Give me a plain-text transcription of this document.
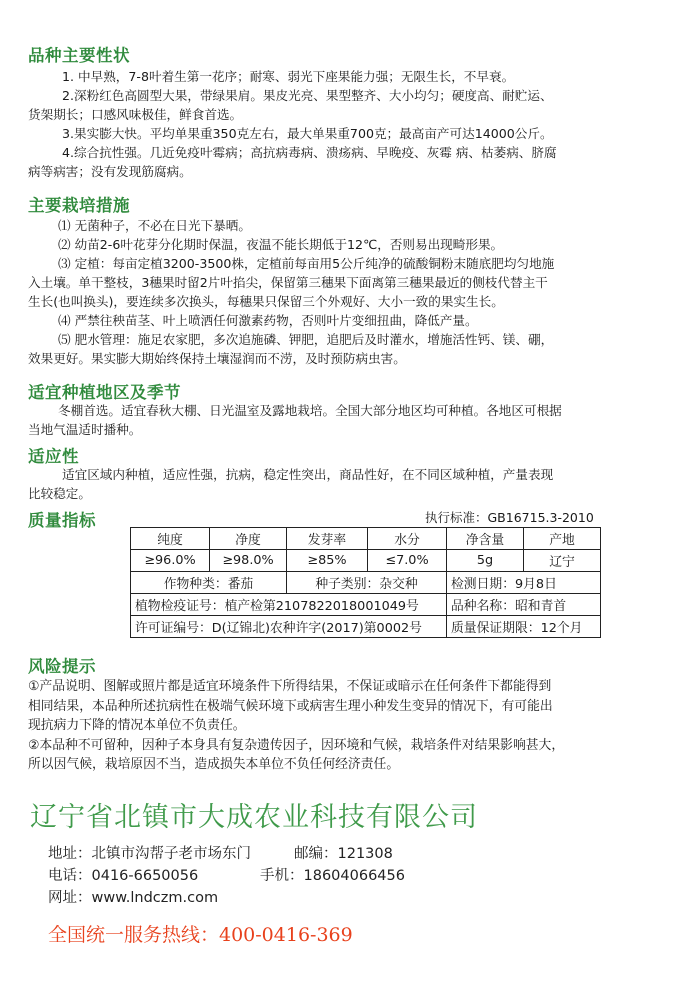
品种主要性状
1. 中早熟，7-8叶着生第一花序；耐寒、弱光下座果能力强；无限生长，不早衰。
2.深粉红色高圆型大果，带绿果肩。果皮光亮、果型整齐、大小均匀；硬度高、耐贮运、
货架期长；口感风味极佳，鲜食首选。
3.果实膨大快。平均单果重350克左右，最大单果重700克；最高亩产可达14000公斤。
4.综合抗性强。几近免疫叶霉病；高抗病毒病、溃疡病、早晚疫、灰霉 病、枯萎病、脐腐
病等病害；没有发现筋腐病。
主要栽培措施
⑴ 无菌种子，不必在日光下暴晒。
⑵ 幼苗2-6叶花芽分化期时保温，夜温不能长期低于12℃，否则易出现畸形果。
⑶ 定植：每亩定植3200-3500株，定植前每亩用5公斤纯净的硫酸铜粉末随底肥均匀地施
入土壤。单干整枝，3穗果时留2片叶掐尖，保留第三穗果下面离第三穗果最近的侧枝代替主干
生长(也叫换头)，要连续多次换头，每穗果只保留三个外观好、大小一致的果实生长。
⑷ 严禁往秧苗茎、叶上喷洒任何激素药物，否则叶片变细扭曲，降低产量。
⑸ 肥水管理：施足农家肥，多次追施磷、钾肥，追肥后及时灌水，增施活性钙、镁、硼，
效果更好。果实膨大期始终保持土壤湿润而不涝，及时预防病虫害。
适宜种植地区及季节
冬棚首选。适宜春秋大棚、日光温室及露地栽培。全国大部分地区均可种植。各地区可根据
当地气温适时播种。
适应性
适宜区域内种植，适应性强，抗病，稳定性突出，商品性好，在不同区域种植，产量表现
比较稳定。
质量指标	执行标准：GB16715.3-2010
纯度	净度	发芽率	水分	净含量	产地
≥96.0%	≥98.0%	≥85%	≤7.0%	5g	辽宁
作物种类：番茄		种子类别：杂交种		检测日期：9月8日	
植物检疫证号：植产检第2107822018001049号				品种名称：昭和青首	
许可证编号：D(辽锦北)农种许字(2017)第0002号				质量保证期限：12个月	
风险提示
①产品说明、图解或照片都是适宜环境条件下所得结果，不保证或暗示在任何条件下都能得到
相同结果，本品种所述抗病性在极端气候环境下或病害生理小种发生变异的情况下，有可能出
现抗病力下降的情况本单位不负责任。
②本品种不可留种，因种子本身具有复杂遗传因子，因环境和气候，栽培条件对结果影响甚大，
所以因气候，栽培原因不当，造成损失本单位不负任何经济责任。
辽宁省北镇市大成农业科技有限公司
地址：北镇市沟帮子老市场东门	邮编：121308
电话：0416-6650056	手机：18604066456
网址：www.lndczm.com
全国统一服务热线：400-0416-369
